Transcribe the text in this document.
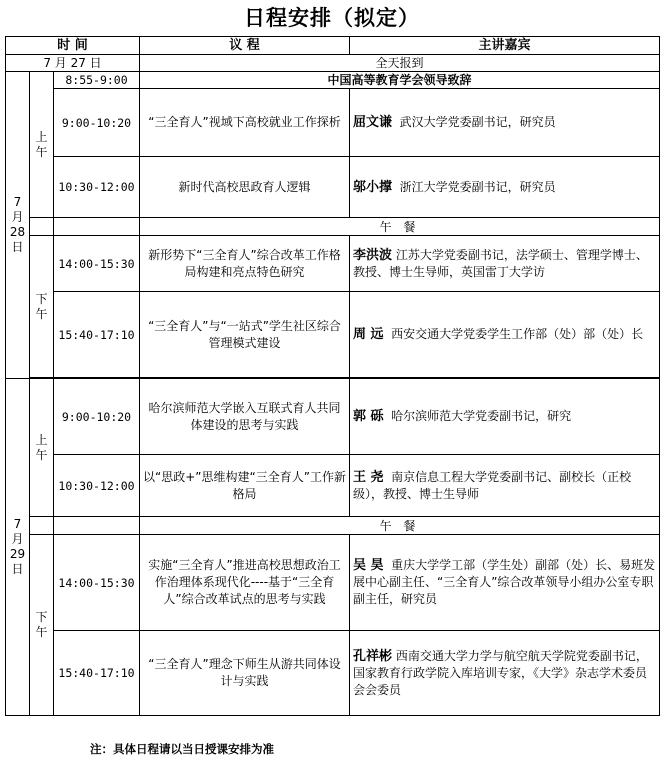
日程安排（拟定）
时 间			议 程	主讲嘉宾
7 月 27 日			全天报到	

7
月
28
日	上午	8:55-9:00	中国高等教育学会领导致辞	
		9:00-10:20	“三全育人”视域下高校就业工作探析	屈文谦 武汉大学党委副书记，研究员
		10:30-12:00	新时代高校思政育人逻辑	邬小撑 浙江大学党委副书记，研究员
			午 餐	

	下午	14:00-15:30	新形势下“三全育人”综合改革工作格局构建和亮点特色研究	李洪波 江苏大学党委副书记，法学硕士、管理学博士、教授、博士生导师，英国雷丁大学访
		15:40-17:10	“三全育人”与“一站式”学生社区综合管理模式建设	周 远 西安交通大学党委学生工作部（处）部（处）长

7
月
29
日	上午	9:00-10:20	哈尔滨师范大学嵌入互联式育人共同体建设的思考与实践	郭 砾 哈尔滨师范大学党委副书记，研究
		10:30-12:00	以“思政+”思维构建“三全育人”工作新格局	王 尧 南京信息工程大学党委副书记、副校长（正校级），教授、博士生导师
			午 餐	

	下午	14:00-15:30	实施“三全育人”推进高校思想政治工作治理体系现代化----基于“三全育人”综合改革试点的思考与实践	吴 昊 重庆大学学工部（学生处）副部（处）长、易班发展中心副主任、“三全育人”综合改革领导小组办公室专职副主任，研究员
		15:40-17:10	“三全育人”理念下师生从游共同体设计与实践	孔祥彬 西南交通大学力学与航空航天学院党委副书记，国家教育行政学院入库培训专家，《大学》杂志学术委员会会委员
注：具体日程请以当日授课安排为准
